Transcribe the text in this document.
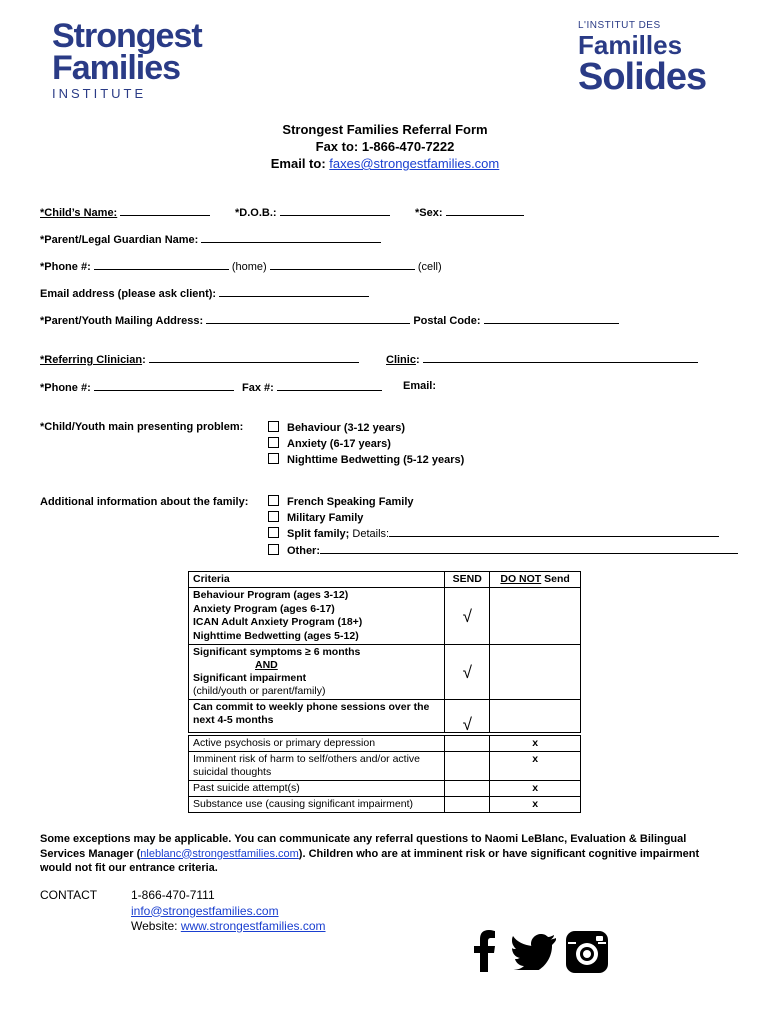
Strongest
Families
INSTITUTE
L'INSTITUT DES
Familles
Solides
Strongest Families Referral Form
Fax to: 1-866-470-7222
Email to: faxes@strongestfamilies.com
*Child’s Name:	*D.O.B.:	*Sex:
*Parent/Legal Guardian Name:
*Phone #:	(home)	(cell)
Email address (please ask client):
*Parent/Youth Mailing Address:	Postal Code:
*Referring Clinician:	Clinic:
*Phone #:	Fax #:	Email:
*Child/Youth main presenting problem:	Behaviour (3-12 years)
Anxiety (6-17 years)
Nighttime Bedwetting (5-12 years)
Additional information about the family:	French Speaking Family
Military Family
Split family; Details:
Other:
Criteria	SEND	DO NOT Send

Behaviour Program (ages 3-12)
Anxiety Program (ages 6-17)
ICAN Adult Anxiety Program (18+)
Nighttime Bedwetting (ages 5-12)	√	

Significant symptoms ≥ 6 months
AND
Significant impairment
(child/youth or parent/family)	√	
Can commit to weekly phone sessions over the next 4-5 months	√	
Active psychosis or primary depression		x
Imminent risk of harm to self/others and/or active suicidal thoughts		x
Past suicide attempt(s)		x
Substance use (causing significant impairment)		x
Some exceptions may be applicable. You can communicate any referral questions to Naomi LeBlanc, Evaluation & Bilingual Services Manager (nleblanc@strongestfamilies.com). Children who are at imminent risk or have significant cognitive impairment would not fit our entrance criteria.
CONTACT	1-866-470-7111
info@strongestfamilies.com
Website: www.strongestfamilies.com
